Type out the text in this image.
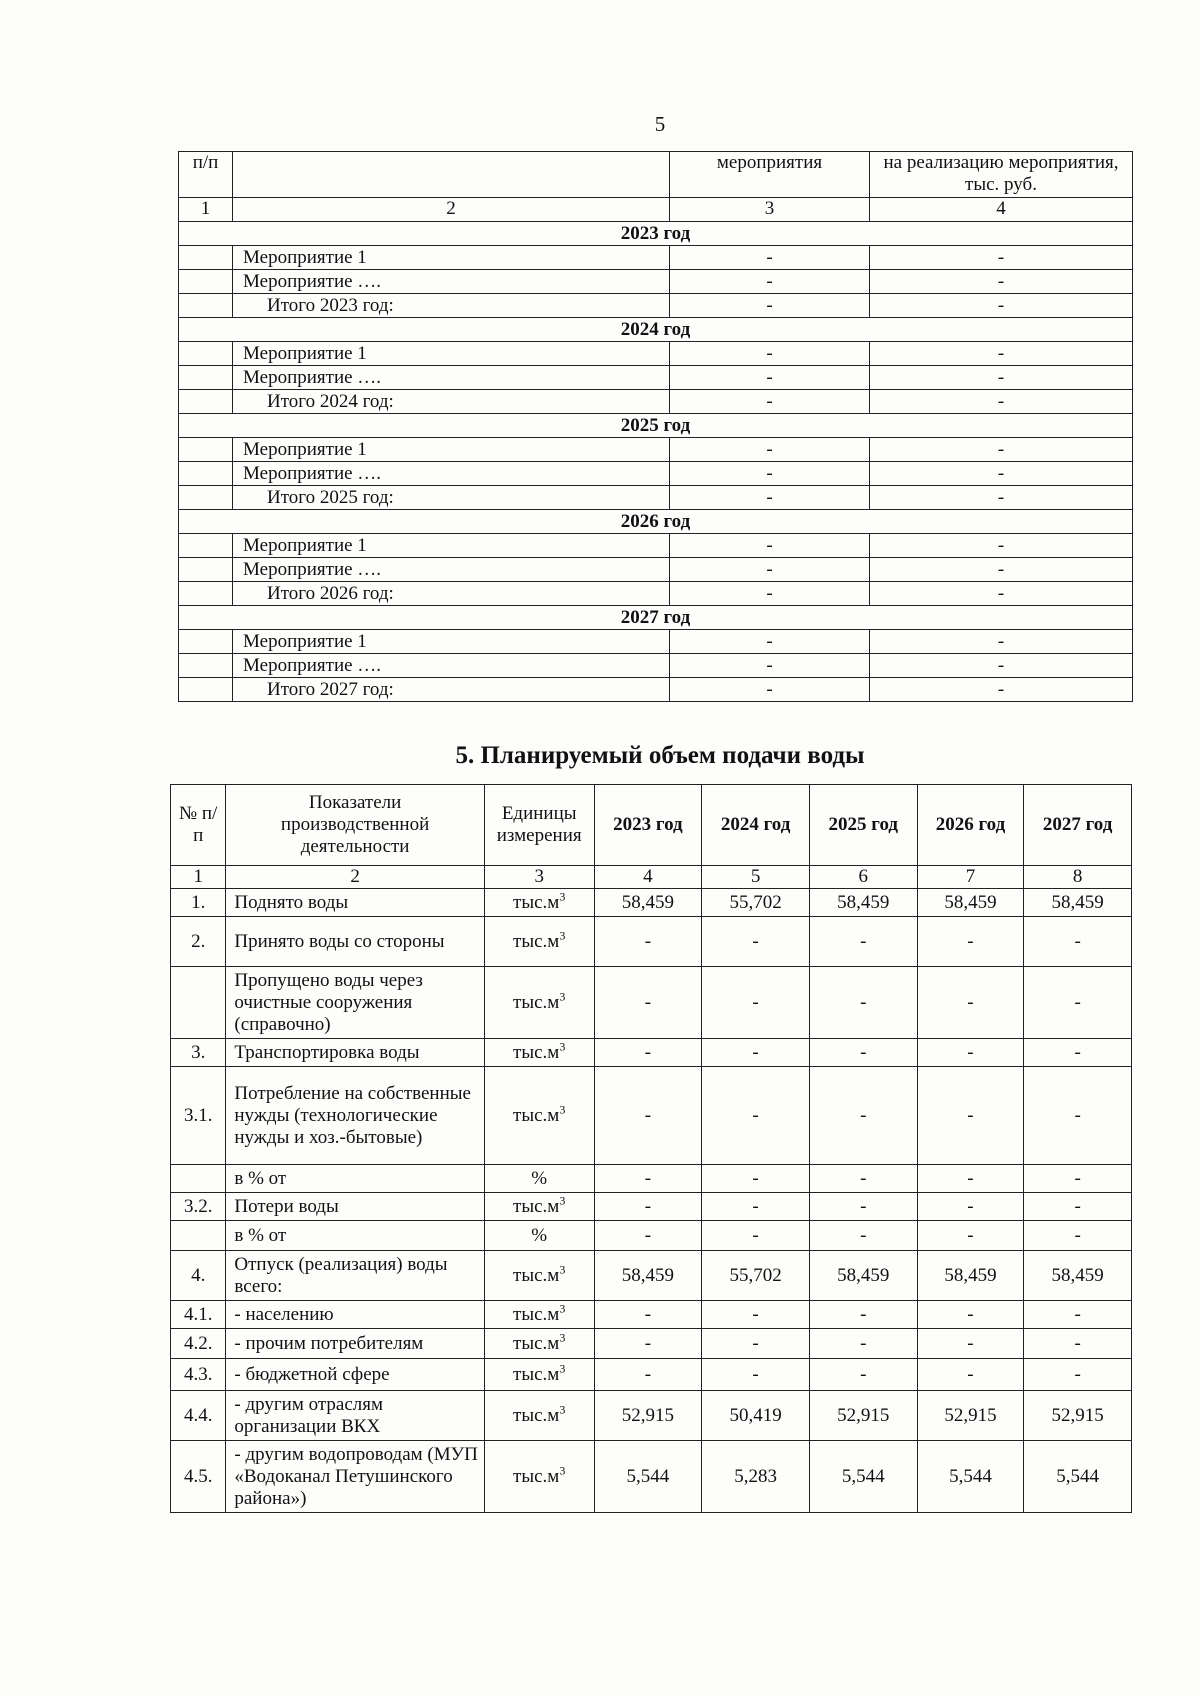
5
п/п		мероприятия	на реализацию мероприятия, тыс. руб.
1	2	3	4
2023 год			
	Мероприятие 1	-	-
	Мероприятие ….	-	-
	Итого 2023 год:	-	-
2024 год			
	Мероприятие 1	-	-
	Мероприятие ….	-	-
	Итого 2024 год:	-	-
2025 год			
	Мероприятие 1	-	-
	Мероприятие ….	-	-
	Итого 2025 год:	-	-
2026 год			
	Мероприятие 1	-	-
	Мероприятие ….	-	-
	Итого 2026 год:	-	-
2027 год			
	Мероприятие 1	-	-
	Мероприятие ….	-	-
	Итого 2027 год:	-	-
5. Планируемый объем подачи воды
№ п/п	Показатели производственной деятельности	Единицы измерения	2023 год	2024 год	2025 год	2026 год	2027 год
1	2	3	4	5	6	7	8
1.	Поднято воды	$тыс.м^3$	58,459	55,702	58,459	58,459	58,459
2.	Принято воды со стороны	$тыс.м^3$	-	-	-	-	-
	Пропущено воды через очистные сооружения (справочно)	$тыс.м^3$	-	-	-	-	-
3.	Транспортировка воды	$тыс.м^3$	-	-	-	-	-
3.1.	Потребление на собственные нужды (технологические нужды и хоз.-бытовые)	$тыс.м^3$	-	-	-	-	-
	в % от	%	-	-	-	-	-
3.2.	Потери воды	$тыс.м^3$	-	-	-	-	-
	в % от	%	-	-	-	-	-
4.	Отпуск (реализация) воды всего:	$тыс.м^3$	58,459	55,702	58,459	58,459	58,459
4.1.	- населению	$тыс.м^3$	-	-	-	-	-
4.2.	- прочим потребителям	$тыс.м^3$	-	-	-	-	-
4.3.	- бюджетной сфере	$тыс.м^3$	-	-	-	-	-
4.4.	- другим отраслям организации ВКХ	$тыс.м^3$	52,915	50,419	52,915	52,915	52,915
4.5.	- другим водопроводам (МУП «Водоканал Петушинского района»)	$тыс.м^3$	5,544	5,283	5,544	5,544	5,544
